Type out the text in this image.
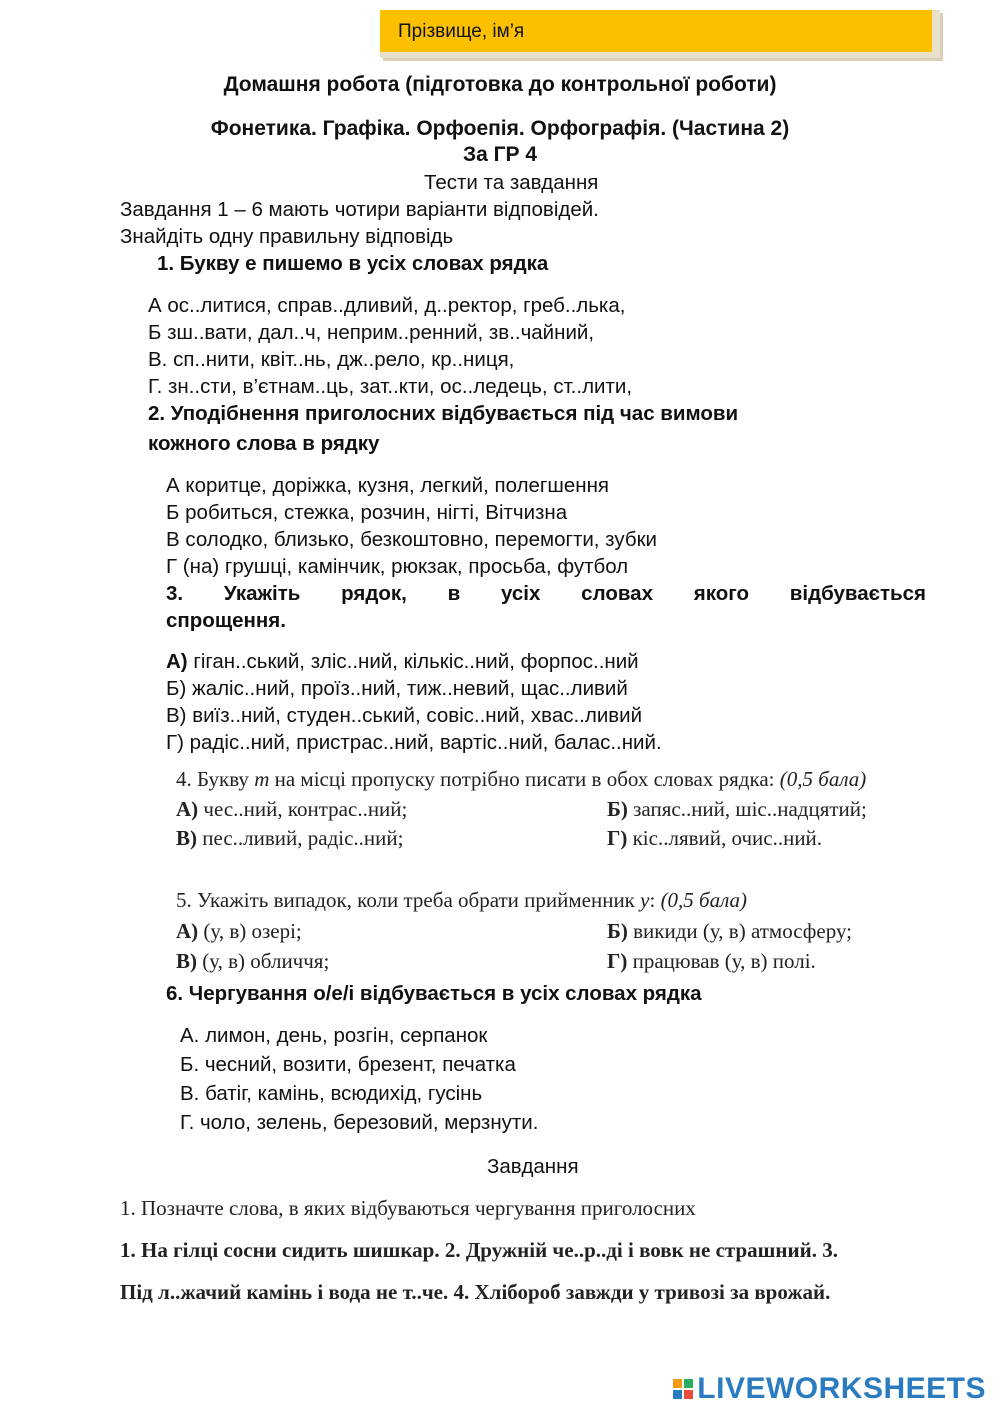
Прізвище, ім’я
Домашня робота (підготовка до контрольної роботи)
Фонетика. Графіка. Орфоепія. Орфографія. (Частина 2)
За ГР 4
Тести та завдання
Завдання 1 – 6 мають чотири варіанти відповідей.
Знайдіть одну правильну відповідь
1. Букву е пишемо в усіх словах рядка
А ос..литися, справ..дливий, д..ректор, греб..лька,
Б зш..вати, дал..ч, неприм..ренний, зв..чайний,
В. сп..нити, квіт..нь, дж..рело, кр..ниця,
Г. зн..сти, в’єтнам..ць, зат..кти, ос..ледець, ст..лити,
2. Уподібнення приголосних відбувається під час вимови
кожного слова в рядку
А коритце, доріжка, кузня, легкий, полегшення
Б робиться, стежка, розчин, нігті, Вітчизна
В солодко, близько, безкоштовно, перемогти, зубки
Г (на) грушці, камінчик, рюкзак, просьба, футбол
3. Укажіть рядок, в усіх словах якого відбувається
спрощення.
А) гіган..ський, зліс..ний, кількіс..ний, форпос..ний
Б) жаліс..ний, проїз..ний, тиж..невий, щас..ливий
В) виїз..ний, студен..ський, совіс..ний, хвас..ливий
Г) радіс..ний, пристрас..ний, вартіс..ний, балас..ний.
4. Букву т на місці пропуску потрібно писати в обох словах рядка: (0,5 бала)
А) чес..ний, контрас..ний;	Б) запяс..ний, шіс..надцятий;
В) пес..ливий, радіс..ний;	Г) кіс..лявий, очис..ний.
5. Укажіть випадок, коли треба обрати прийменник у: (0,5 бала)
А) (у, в) озері;	Б) викиди (у, в) атмосферу;
В) (у, в) обличчя;	Г) працював (у, в) полі.
6. Чергування о/е/і відбувається в усіх словах рядка
А. лимон, день, розгін, серпанок
Б. чесний, возити, брезент, печатка
В. батіг, камінь, всюдихід, гусінь
Г. чоло, зелень, березовий, мерзнути.
Завдання
1. Позначте слова, в яких відбуваються чергування приголосних
1. На гілці сосни сидить шишкар. 2. Дружній че..р..ді і вовк не страшний. 3.
Під л..жачий камінь і вода не т..че. 4. Хлібороб завжди у тривозі за врожай.
LIVEWORKSHEETS
